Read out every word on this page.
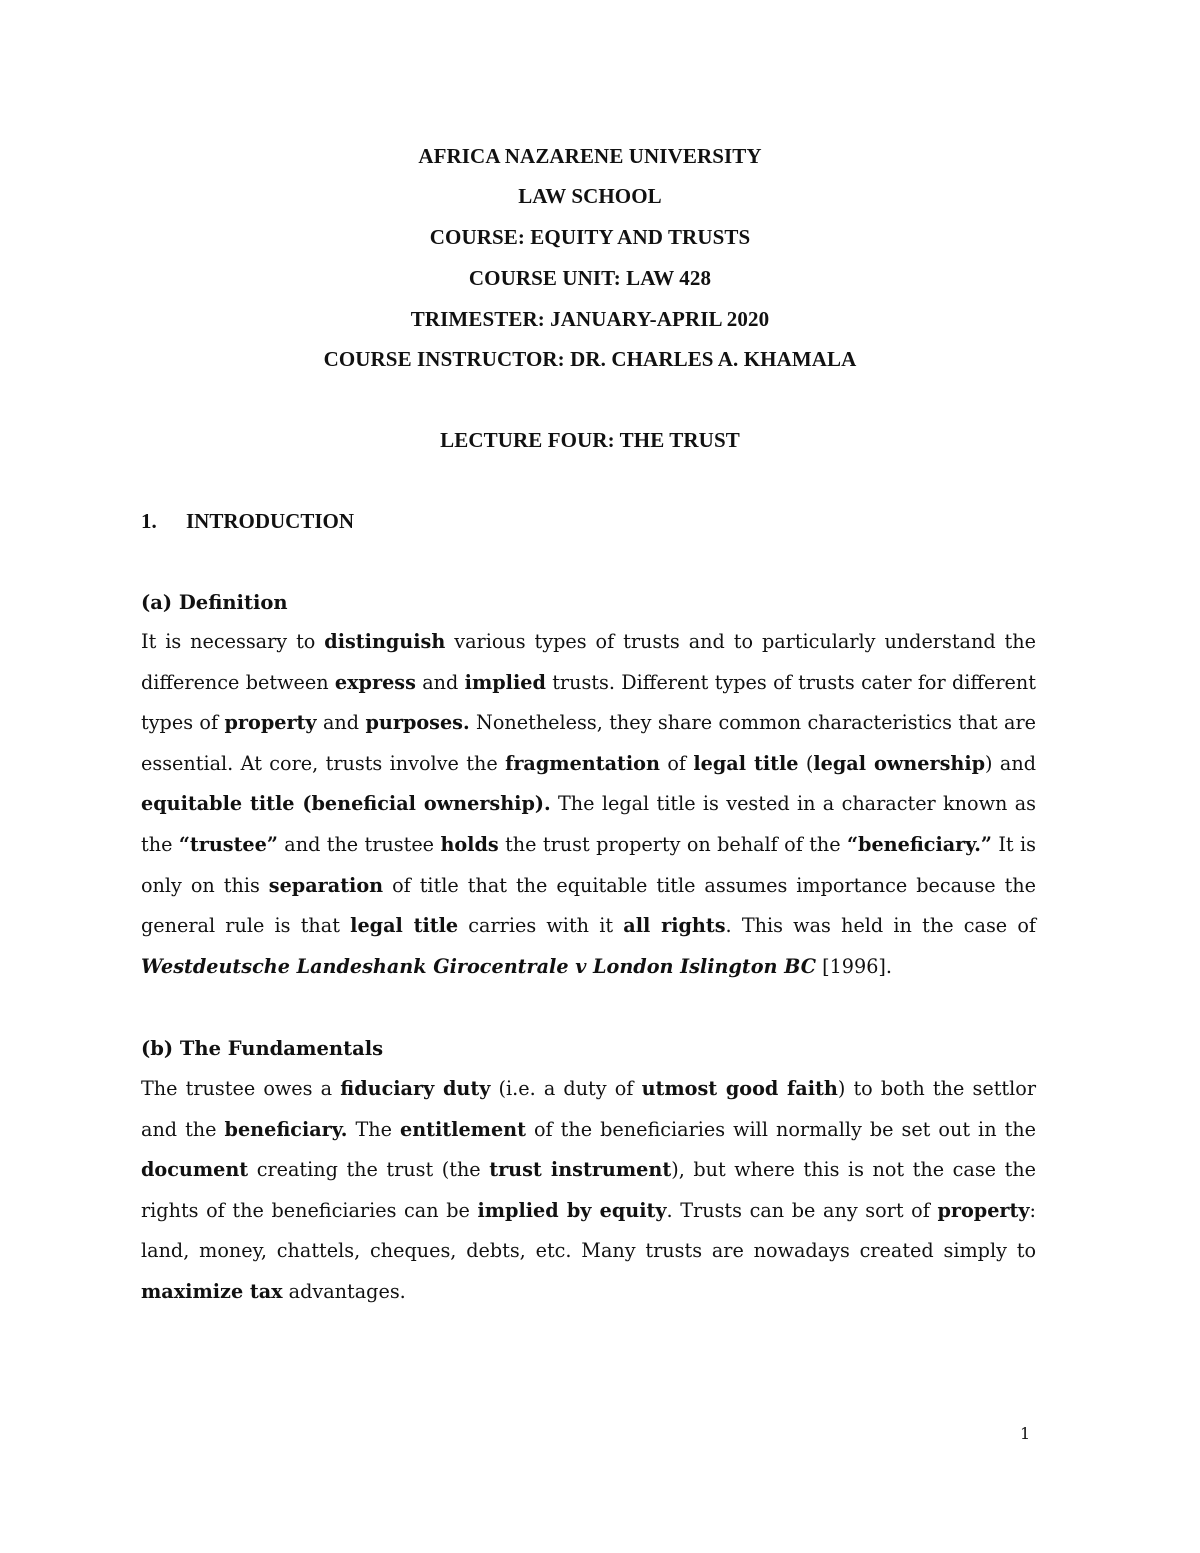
AFRICA NAZARENE UNIVERSITY
LAW SCHOOL
COURSE: EQUITY AND TRUSTS
COURSE UNIT: LAW 428
TRIMESTER: JANUARY-APRIL 2020
COURSE INSTRUCTOR: DR. CHARLES A. KHAMALA
LECTURE FOUR: THE TRUST
1. INTRODUCTION
(a) Definition

It is necessary to distinguish various types of trusts and to particularly understand the difference between express and implied trusts. Different types of trusts cater for different types of property and purposes. Nonetheless, they share common characteristics that are essential. At core, trusts involve the fragmentation of legal title (legal ownership) and equitable title (beneficial ownership). The legal title is vested in a character known as the “trustee” and the trustee holds the trust property on behalf of the “beneficiary.” It is only on this separation of title that the equitable title assumes importance because the general rule is that legal title carries with it all rights. This was held in the case of Westdeutsche Landeshank Girocentrale v London Islington BC [1996].

(b) The Fundamentals

The trustee owes a fiduciary duty (i.e. a duty of utmost good faith) to both the settlor and the beneficiary. The entitlement of the beneficiaries will normally be set out in the document creating the trust (the trust instrument), but where this is not the case the rights of the beneficiaries can be implied by equity. Trusts can be any sort of property: land, money, chattels, cheques, debts, etc. Many trusts are nowadays created simply to maximize tax advantages.

1
